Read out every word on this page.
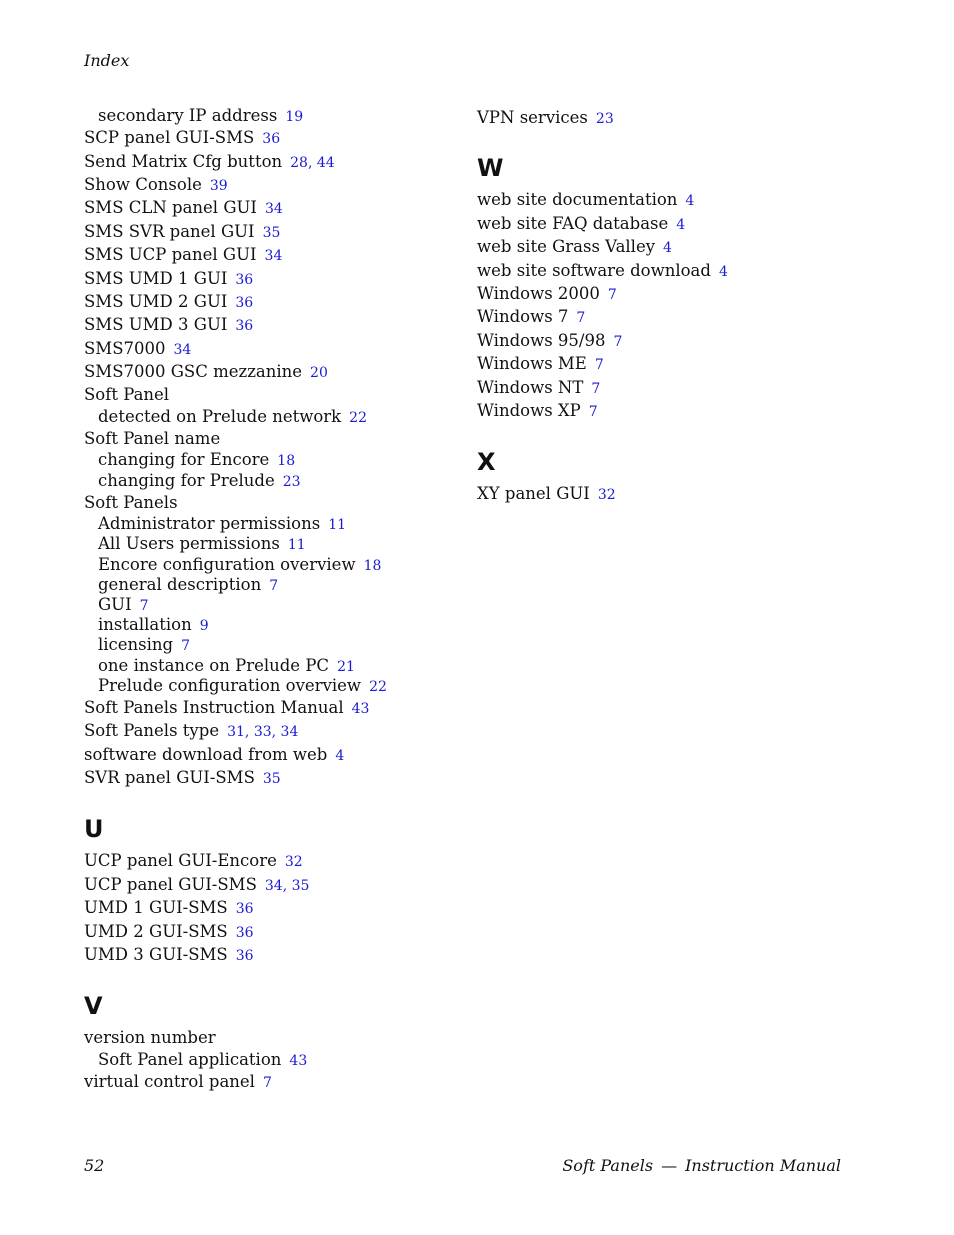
Index
secondary IP address 19
SCP panel GUI-SMS 36
Send Matrix Cfg button 28, 44
Show Console 39
SMS CLN panel GUI 34
SMS SVR panel GUI 35
SMS UCP panel GUI 34
SMS UMD 1 GUI 36
SMS UMD 2 GUI 36
SMS UMD 3 GUI 36
SMS7000 34
SMS7000 GSC mezzanine 20
Soft Panel
detected on Prelude network 22
Soft Panel name
changing for Encore 18
changing for Prelude 23
Soft Panels
Administrator permissions 11
All Users permissions 11
Encore configuration overview 18
general description 7
GUI 7
installation 9
licensing 7
one instance on Prelude PC 21
Prelude configuration overview 22
Soft Panels Instruction Manual 43
Soft Panels type 31, 33, 34
software download from web 4
SVR panel GUI-SMS 35
U
UCP panel GUI-Encore 32
UCP panel GUI-SMS 34, 35
UMD 1 GUI-SMS 36
UMD 2 GUI-SMS 36
UMD 3 GUI-SMS 36
V
version number
Soft Panel application 43
virtual control panel 7
VPN services 23
W
web site documentation 4
web site FAQ database 4
web site Grass Valley 4
web site software download 4
Windows 2000 7
Windows 7 7
Windows 95/98 7
Windows ME 7
Windows NT 7
Windows XP 7
X
XY panel GUI 32
52	Soft Panels — Instruction Manual
